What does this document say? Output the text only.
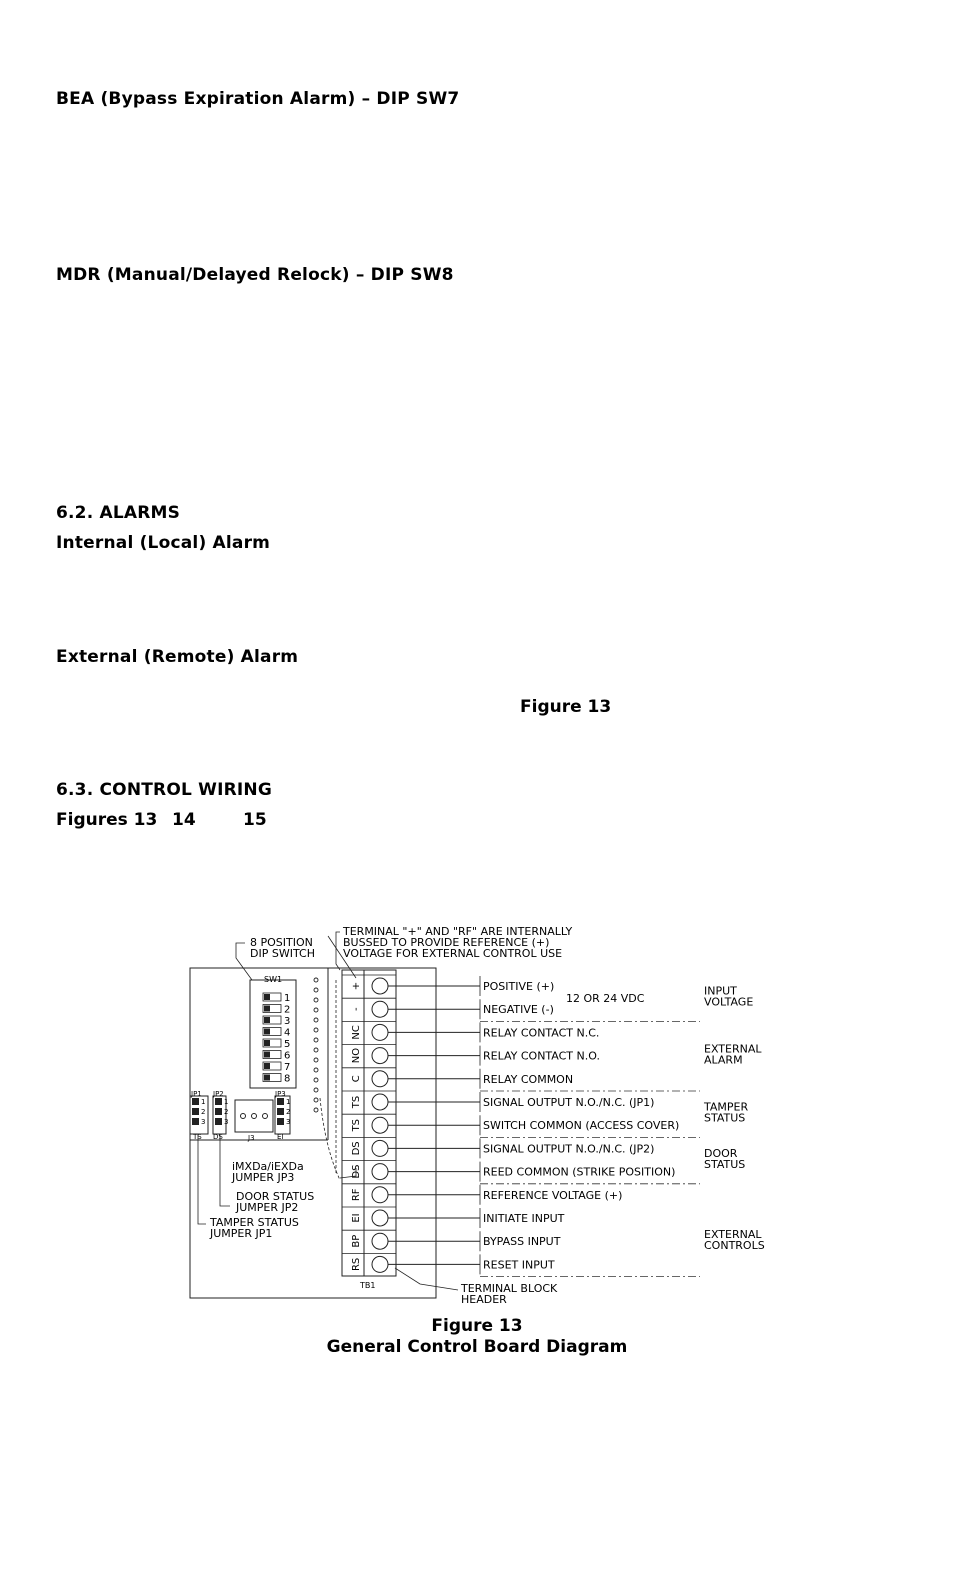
BEA (Bypass Expiration Alarm) – DIP SW7
MDR (Manual/Delayed Relock) – DIP SW8
6.2. ALARMS
Internal (Local) Alarm
External (Remote) Alarm
Figure 13
6.3. CONTROL WIRING
Figures 13 14	15
1
2
3
4
5
6
7
8
1
2
3
1
2
3
1
2
3
+	POSITIVE (+)
-	NEGATIVE (-)
NC	RELAY CONTACT N.C.
NO	RELAY CONTACT N.O.
C	RELAY COMMON
TS	SIGNAL OUTPUT N.O./N.C. (JP1)
TS	SWITCH COMMON (ACCESS COVER)
DS	SIGNAL OUTPUT N.O./N.C. (JP2)
DS	REED COMMON (STRIKE POSITION)
RF	REFERENCE VOLTAGE (+)
EI	INITIATE INPUT
BP	BYPASS INPUT
RS	RESET INPUT
TERMINAL "+" AND "RF" ARE INTERNALLY
BUSSED TO PROVIDE REFERENCE (+)
VOLTAGE FOR EXTERNAL CONTROL USE
8 POSITION
DIP SWITCH
SW1
JP1 JP2	JP3
TS DS	EI
J3
iMXDa/iEXDa
JUMPER JP3
DOOR STATUS
JUMPER JP2
TAMPER STATUS
JUMPER JP1
TB1	TERMINAL BLOCK
HEADER
12 OR 24 VDC
INPUT
VOLTAGE
EXTERNAL
ALARM
TAMPER
STATUS
DOOR
STATUS
EXTERNAL
CONTROLS
Figure 13
General Control Board Diagram
